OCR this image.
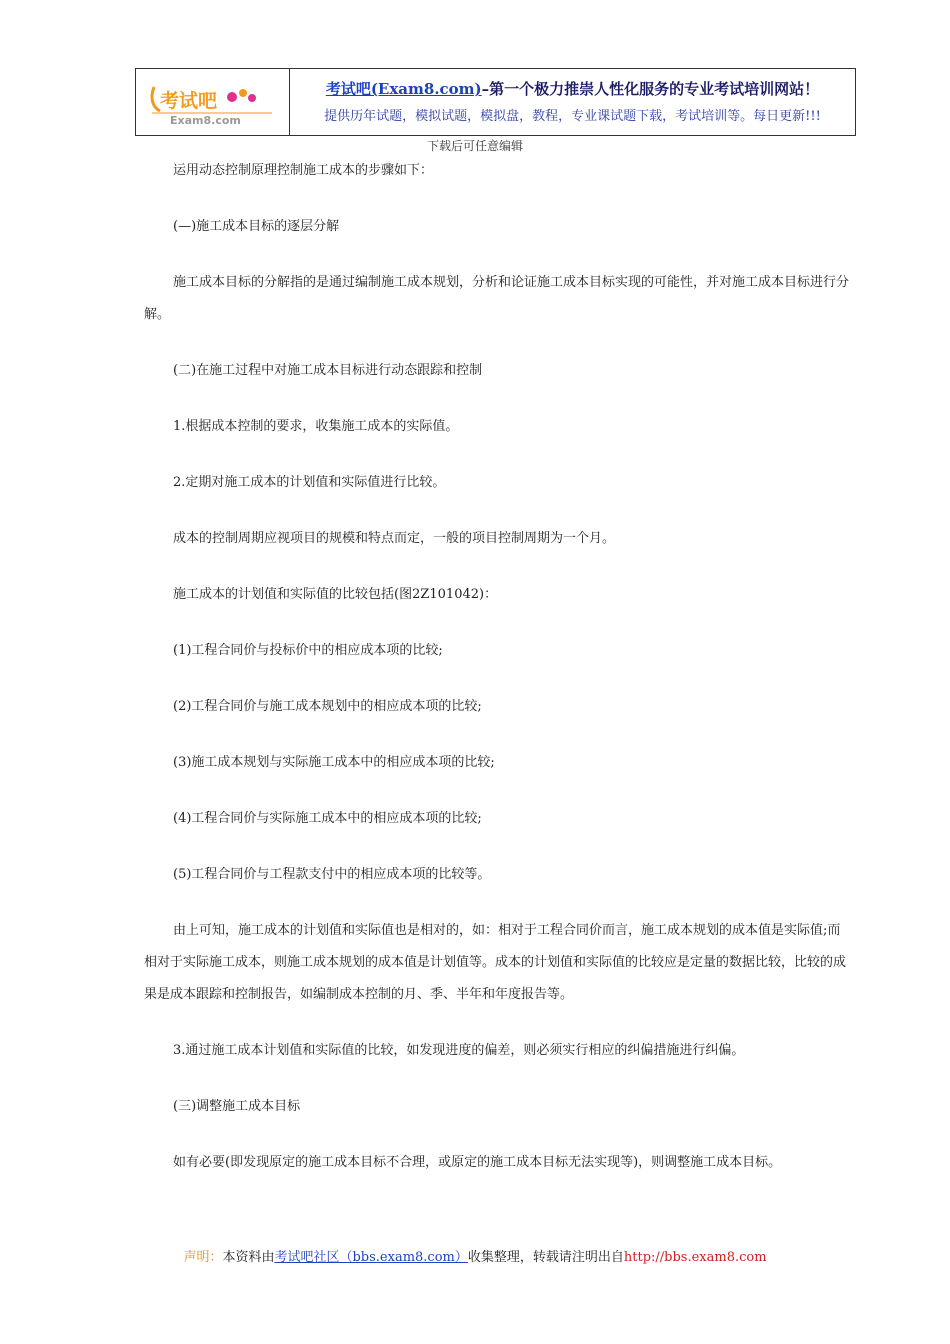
考试吧
Exam8.com
考试吧(Exam8.com)–第一个极力推崇人性化服务的专业考试培训网站！
提供历年试题，模拟试题，模拟盘，教程，专业课试题下载，考试培训等。每日更新!!!
下载后可任意编辑

运用动态控制原理控制施工成本的步骤如下：

(—)施工成本目标的逐层分解

施工成本目标的分解指的是通过编制施工成本规划，分析和论证施工成本目标实现的可能性，并对施工成本目标进行分解。

(二)在施工过程中对施工成本目标进行动态跟踪和控制

1.根据成本控制的要求，收集施工成本的实际值。

2.定期对施工成本的计划值和实际值进行比较。

成本的控制周期应视项目的规模和特点而定，一般的项目控制周期为一个月。

施工成本的计划值和实际值的比较包括(图2Z101042)：

(1)工程合同价与投标价中的相应成本项的比较;

(2)工程合同价与施工成本规划中的相应成本项的比较;

(3)施工成本规划与实际施工成本中的相应成本项的比较;

(4)工程合同价与实际施工成本中的相应成本项的比较;

(5)工程合同价与工程款支付中的相应成本项的比较等。

由上可知，施工成本的计划值和实际值也是相对的，如：相对于工程合同价而言，施工成本规划的成本值是实际值;而相对于实际施工成本，则施工成本规划的成本值是计划值等。成本的计划值和实际值的比较应是定量的数据比较，比较的成果是成本跟踪和控制报告，如编制成本控制的月、季、半年和年度报告等。

3.通过施工成本计划值和实际值的比较，如发现进度的偏差，则必须实行相应的纠偏措施进行纠偏。

(三)调整施工成本目标

如有必要(即发现原定的施工成本目标不合理，或原定的施工成本目标无法实现等)，则调整施工成本目标。

声明：本资料由考试吧社区（bbs.exam8.com）收集整理，转载请注明出自http://bbs.exam8.com
